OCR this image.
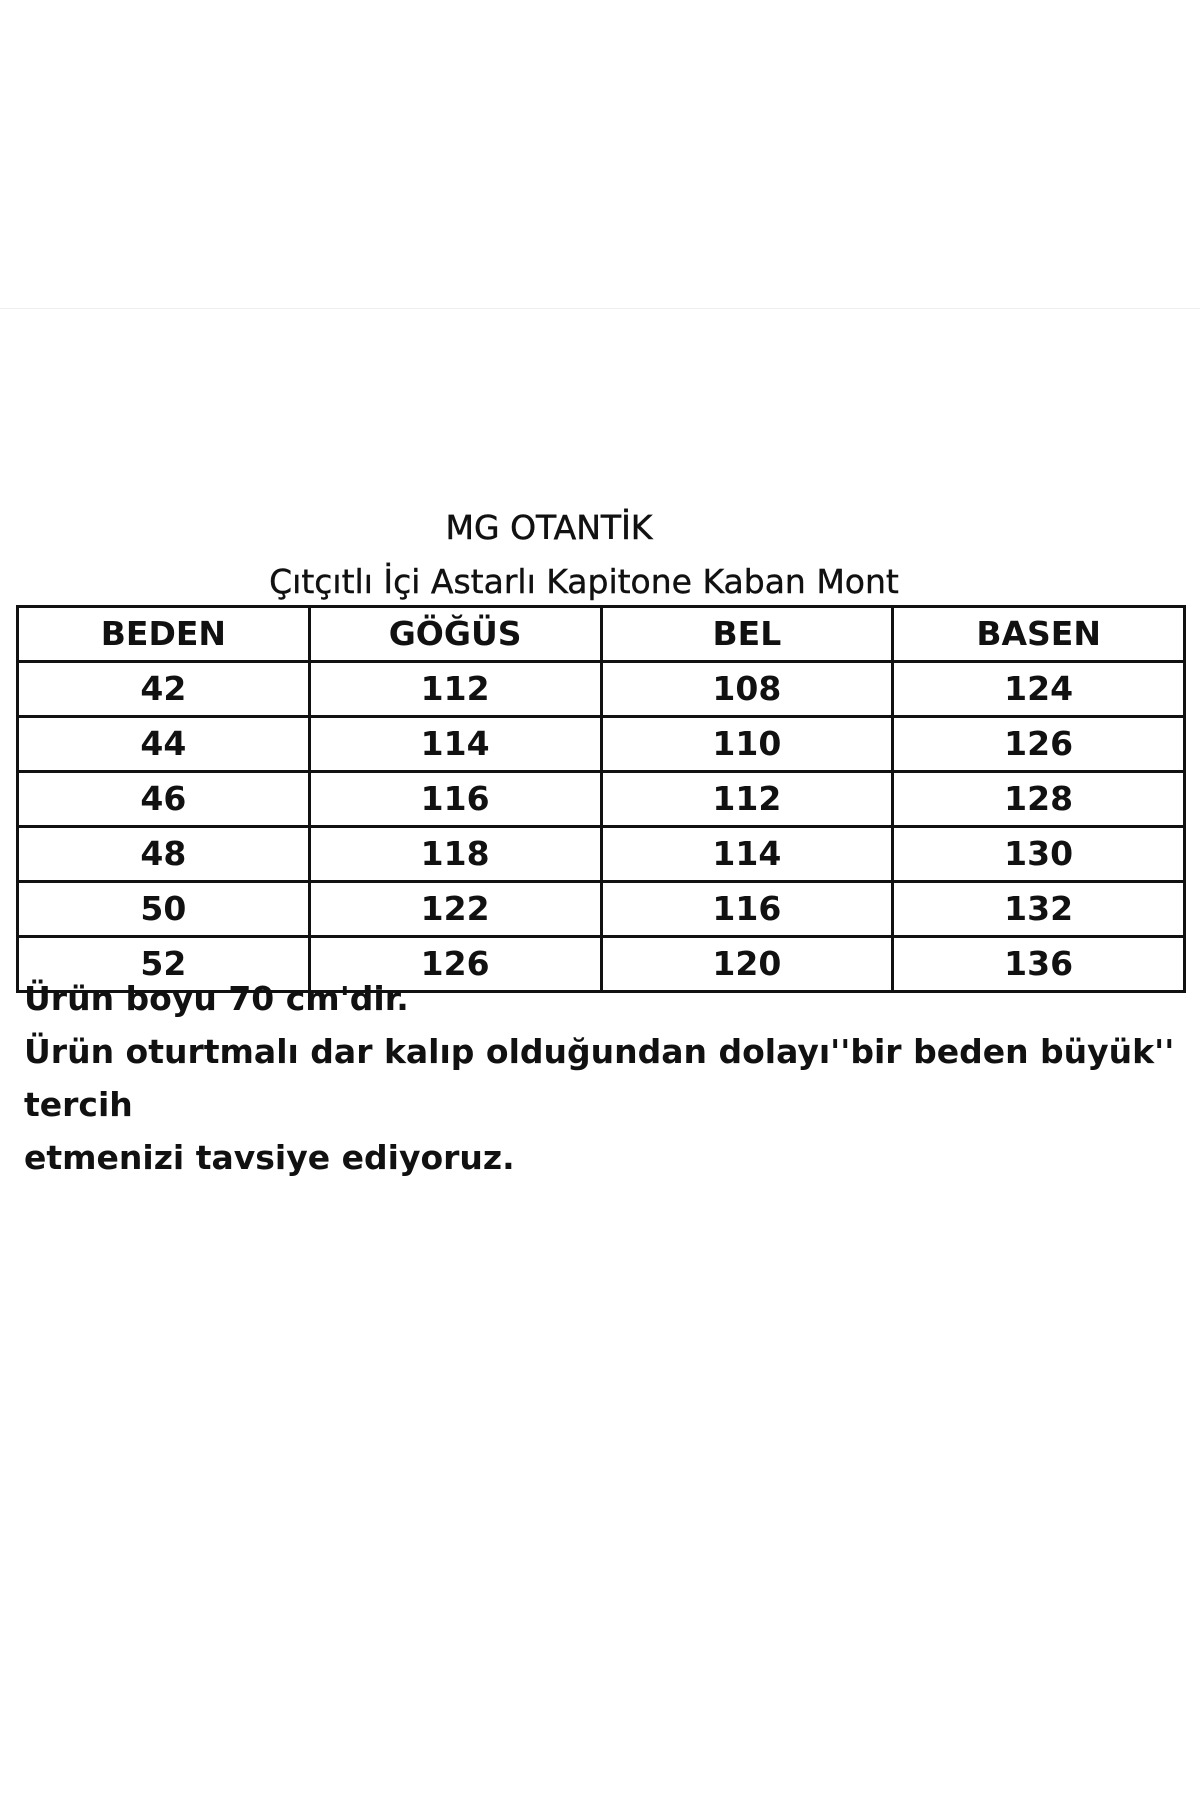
MG OTANTİK
Çıtçıtlı İçi Astarlı Kapitone Kaban Mont
BEDEN	GÖĞÜS	BEL	BASEN
42	112	108	124
44	114	110	126
46	116	112	128
48	118	114	130
50	122	116	132
52	126	120	136

Ürün boyu 70 cm'dir.

Ürün oturtmalı dar kalıp olduğundan dolayı''bir beden büyük'' tercih

etmenizi tavsiye ediyoruz.
